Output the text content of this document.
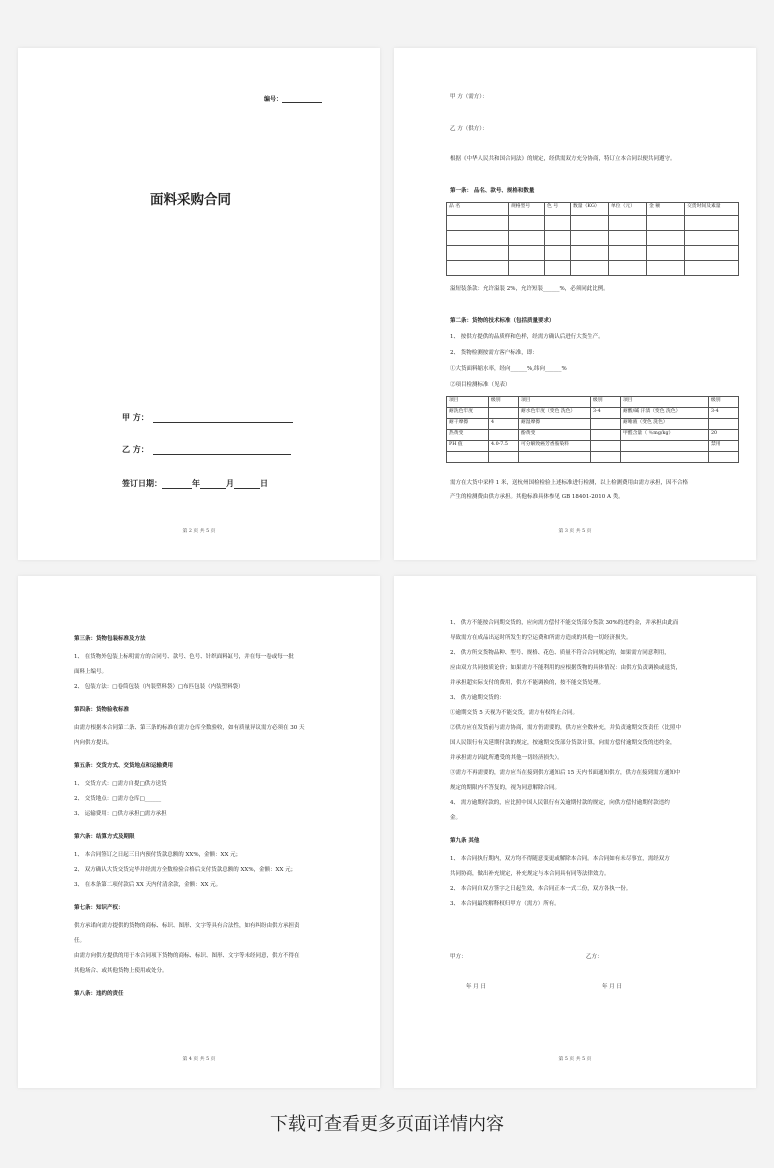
编号：
面料采购合同
甲 方：
乙 方：
签订日期：	年	月	日
第 2 页 共 5 页
甲 方（需方）：
乙 方（供方）：
根据《中华人民共和国合同法》的规定，经供需双方充分协商，特订立本合同以便共同遵守。
第一条： 品名、款号、规格和数量
品 名	规格型号	色 号	数量（KG）	单位（元）	金 额	交货时间及素量

溢短装条款：允许溢装 2%，允许短装______%，必须同此比例。
第二条：货物的技术标准（包括质量要求）
1、 按供方提供的品质样和色样，经需方确认后进行大货生产。
2、 货物检测按需方客户标准，即：
①大货面料缩水率，经向______%,纬向______%
②项目检测标准（见表）
项目	级别	项目	级别	项目	级别
耐洗色牢度		耐水色牢度（变色 洗色）	3-4	耐酸/碱 汗渍（变色 洗色）	3-4
耐干摩擦	4	耐湿摩擦		耐唾液（变色 洗色）	
热黄变		酚黄变		甲醛含量（ ％mg/kg）	20
PH 值	4.0-7.5	可分解致癌芳香胺染料			禁用

需方在大货中采样 1 米，送杭州国检检验上述标准进行检测，以上检测费用由需方承担，因不合格
产生的检测费由供方承担。其他标准具体参见 GB 18401-2010 A 类。
第 3 页 共 5 页
第三条：货物包装标准及方法
1、 在货物外包装上标明需方的合同号、款号、色号、针织面料缸号，并在每一卷或每一批
面料上编号。
2、 包装方法：□卷筒包装（内装塑料袋）□布匹包装（内装塑料袋）
第四条：货物验收标准
由需方根据本合同第二条、第三条的标准在需方仓库全数验收，如有质量异议需方必须在 30 天
内向供方提出。
第五条：交货方式、交货地点和运输费用
1、 交货方式：□需方自提□供方送货
2、 交货地点：□需方仓库□______
3、 运输费用：□供方承担□需方承担
第六条：结算方式及期限
1、 本合同签订之日起三日内预付货款总额的 XX%，金额：XX 元；
2、 双方确认大货交货完毕并经需方全数检验合格后支付货款总额的 XX%，金额：XX 元；
3、 在本条第二项付款后 XX 天内付清余款，金额：XX 元。
第七条：知识产权：
供方承诺向需方提供的货物的商标、标识、图形、文字等具有合法性，如有纠纷由供方承担责
任。
由需方向供方提供的用于本合同项下货物的商标、标识、图形、文字等未经同意，供方不得在
其他场合、或其他货物上使用或处分。
第八条：违约的责任
第 4 页 共 5 页
1、 供方不能按合同期交货的，应向需方偿付不能交货部分货款 30%的违约金，并承担由此而
导致需方在成品出运时所发生的空运费和所需方造成的其他一切经济损失。
2、 供方所交货物品种、型号、规格、花色、质量不符合合同规定的，如果需方同意利用，
应由双方共同按质论价；如果需方不能利用的应根据货物的具体情况：由供方负责调换或退货，
并承担超实际支付的费用，供方不能调换的，按不能交货处理。
3、 供方逾期交货的：
①逾期交货 5 天视为不能交货，需方有权终止合同。
②供方应在发货前与需方协商，需方仍需要的，供方应全数补充，并负责逾期交货责任（比照中
国人民银行有关延期付款的规定，按逾期交货部分货款计算，向需方偿付逾期交货的违约金，
并承担需方因此所遭受的其他一切经济损失）。
③需方不再需要的，需方应当在接到供方通知后 15 天内书面通知供方，供方在接到需方通知中
规定的期限内不答复的，视为同意解除合同。
4、 需方逾期付款的，应比照中国人民银行有关逾期付款的规定，向供方偿付逾期付款违约
金。
第九条 其他
1、 本合同执行期内，双方均不得随意变更或解除本合同。本合同如有未尽事宜，需经双方
共同协商，做出补充规定，补充规定与本合同具有同等法律效力。
2、 本合同自双方签字之日起生效，本合同正本一式二份，双方各执一份。
3、 本合同最终解释权归甲方（需方）所有。
甲方：	乙方：
年 月 日	年 月 日
第 5 页 共 5 页
下载可查看更多页面详情内容
